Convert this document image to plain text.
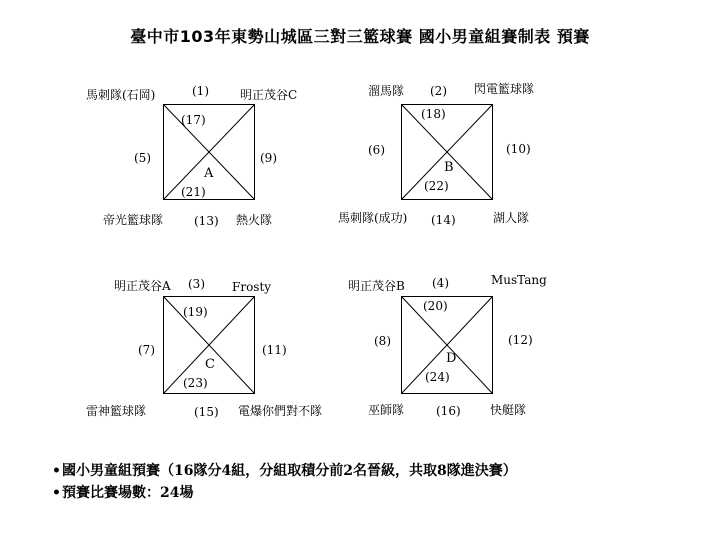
臺中市103年東勢山城區三對三籃球賽 國小男童組賽制表 預賽
馬刺隊(石岡)	(1)	明正茂谷C
(17)
(5)	(9)
A
(21)
帝光籃球隊	(13) 熱火隊
溜馬隊 (2) 閃電籃球隊
(18)
(6)	(10)
B
(22)
馬刺隊(成功) (14)	湖人隊
明正茂谷A (3) Frosty
(19)
(7)	(11)
C
(23)
雷神籃球隊	(15) 電爆你們對不隊
明正茂谷B (4)	MusTang
(20)
(8)	(12)
D
(24)
巫師隊	(16) 快艇隊
• 國小男童組預賽（16隊分4組，分組取積分前2名晉級，共取8隊進決賽）
• 預賽比賽場數：24場
